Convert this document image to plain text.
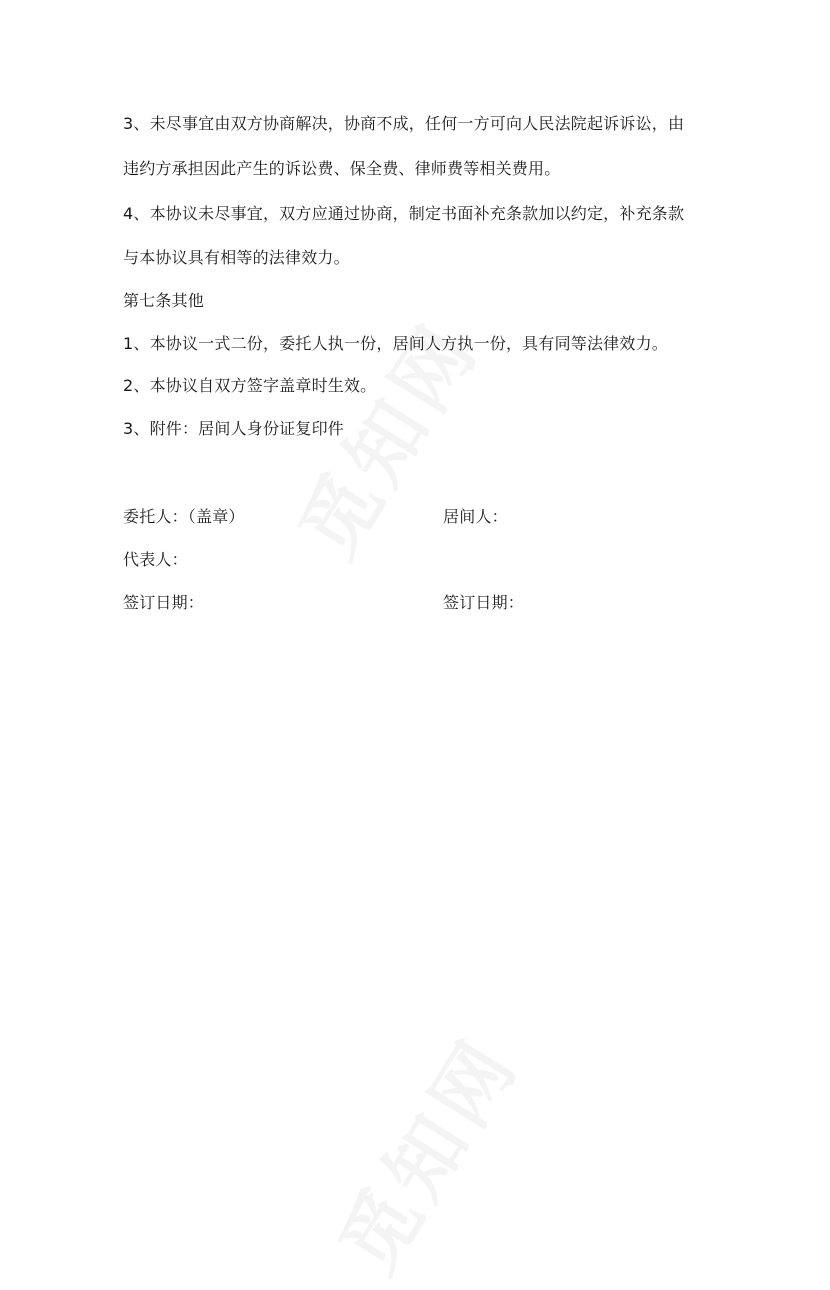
3、未尽事宜由双方协商解决，协商不成，任何一方可向人民法院起诉诉讼，由
违约方承担因此产生的诉讼费、保全费、律师费等相关费用。
4、本协议未尽事宜，双方应通过协商，制定书面补充条款加以约定，补充条款
与本协议具有相等的法律效力。
第七条其他
1、本协议一式二份，委托人执一份，居间人方执一份，具有同等法律效力。
2、本协议自双方签字盖章时生效。
3、附件：居间人身份证复印件
委托人：（盖章）	居间人：
代表人：
签订日期：	签订日期：
